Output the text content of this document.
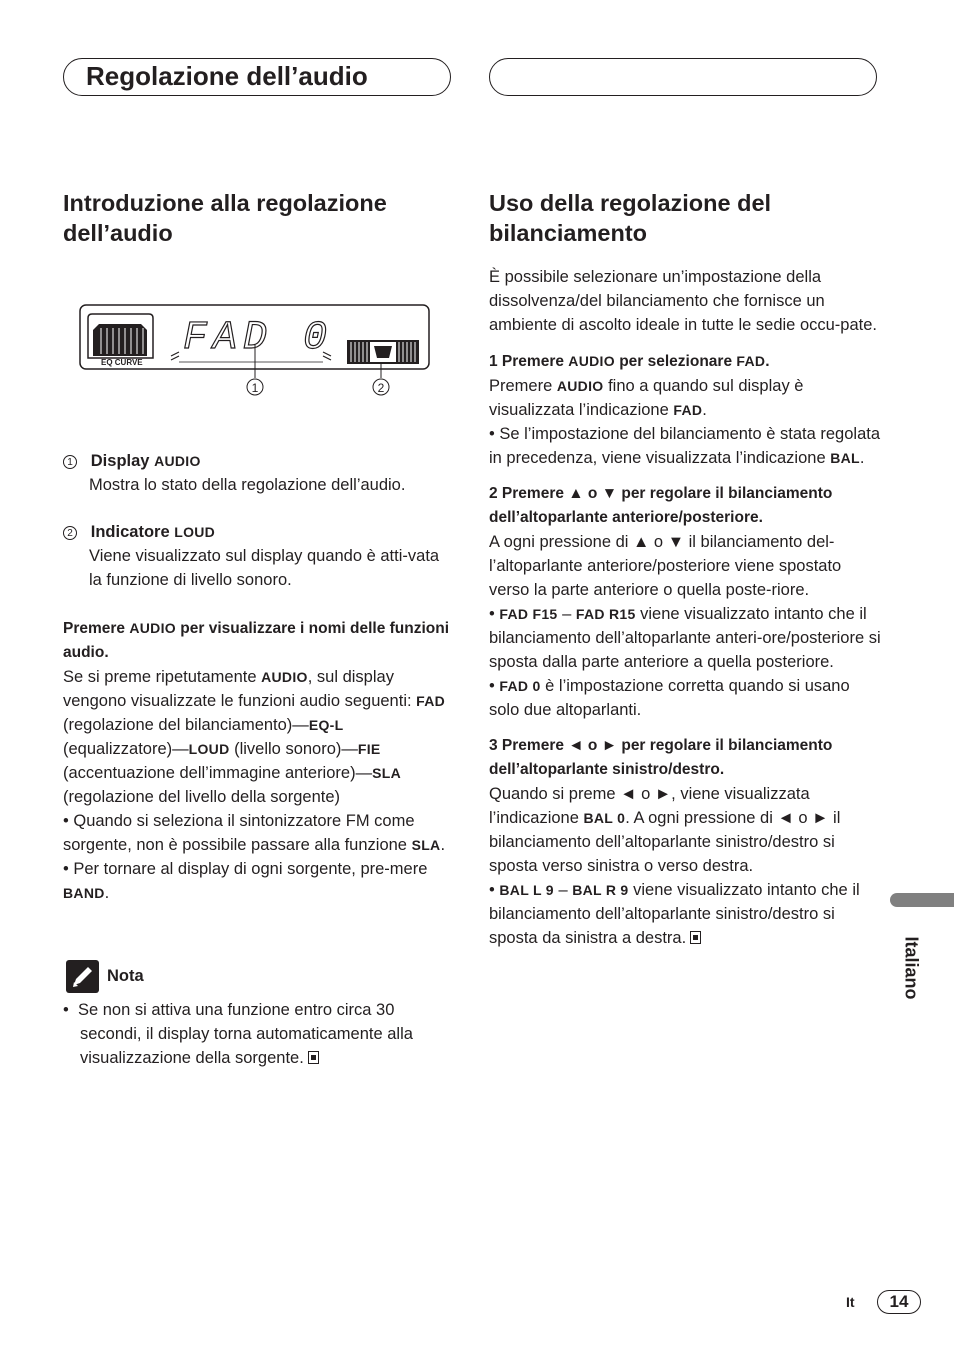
Regolazione dell’audio
Introduzione alla regolazione dell’audio
EQ CURVE
FAD 0
1	2

1 Display AUDIO

Mostra lo stato della regolazione dell’audio.

2 Indicatore LOUD

Viene visualizzato sul display quando è atti-vata la funzione di livello sonoro.

Premere AUDIO per visualizzare i nomi delle funzioni audio.

Se si preme ripetutamente AUDIO, sul display vengono visualizzate le funzioni audio seguenti: FAD (regolazione del bilanciamento)—EQ-L (equalizzatore)—LOUD (livello sonoro)—FIE (accentuazione dell’immagine anteriore)—SLA (regolazione del livello della sorgente)

• Quando si seleziona il sintonizzatore FM come sorgente, non è possibile passare alla funzione SLA.

• Per tornare al display di ogni sorgente, pre-mere BAND.

Nota

•  Se non si attiva una funzione entro circa 30 secondi, il display torna automaticamente alla visualizzazione della sorgente.

Uso della regolazione del bilanciamento

È possibile selezionare un’impostazione della dissolvenza/del bilanciamento che fornisce un ambiente di ascolto ideale in tutte le sedie occu-pate.

1 Premere AUDIO per selezionare FAD.

Premere AUDIO fino a quando sul display è visualizzata l’indicazione FAD.

• Se l’impostazione del bilanciamento è stata regolata in precedenza, viene visualizzata l’indicazione BAL.

2 Premere ▲ o ▼ per regolare il bilanciamento dell’altoparlante anteriore/posteriore.

A ogni pressione di ▲ o ▼ il bilanciamento del-l’altoparlante anteriore/posteriore viene spostato verso la parte anteriore o quella poste-riore.

• FAD F15 – FAD R15 viene visualizzato intanto che il bilanciamento dell’altoparlante anteri-ore/posteriore si sposta dalla parte anteriore a quella posteriore.

• FAD 0 è l’impostazione corretta quando si usano solo due altoparlanti.

3 Premere ◄ o ► per regolare il bilanciamento dell’altoparlante sinistro/destro.

Quando si preme ◄ o ►, viene visualizzata l’indicazione BAL 0. A ogni pressione di ◄ o ► il bilanciamento dell’altoparlante sinistro/destro si sposta verso sinistra o verso destra.

• BAL L 9 – BAL R 9 viene visualizzato intanto che il bilanciamento dell’altoparlante sinistro/destro si sposta da sinistra a destra.	Italiano
It	14
